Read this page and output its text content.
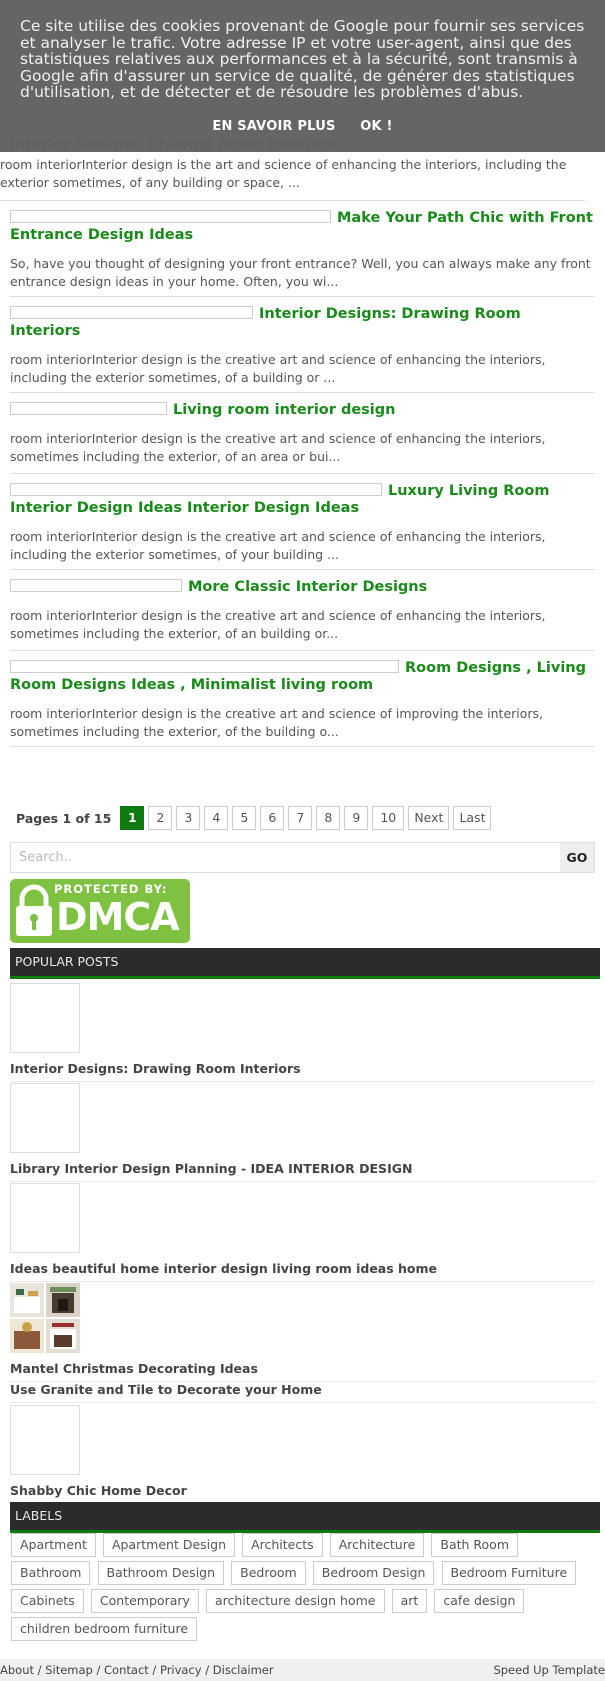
Ce site utilise des cookies provenant de Google pour fournir ses services et analyser le trafic. Votre adresse IP et votre user-agent, ainsi que des statistiques relatives aux performances et à la sécurité, sont transmis à Google afin d'assurer un service de qualité, de générer des statistiques d'utilisation, et de détecter et de résoudre les problèmes d'abus.
EN SAVOIR PLUS OK !
room interiorInterior design is the art and science of enhancing the interiors, including the exterior sometimes, of any building or space, ...
Make Your Path Chic with Front Entrance Design Ideas
So, have you thought of designing your front entrance? Well, you can always make any front entrance design ideas in your home. Often, you wi...
Interior Designs: Drawing Room Interiors
room interiorInterior design is the creative art and science of enhancing the interiors, including the exterior sometimes, of a building or ...
Living room interior design
room interiorInterior design is the creative art and science of enhancing the interiors, sometimes including the exterior, of an area or bui...
Luxury Living Room Interior Design Ideas Interior Design Ideas
room interiorInterior design is the creative art and science of enhancing the interiors, including the exterior sometimes, of your building ...
More Classic Interior Designs
room interiorInterior design is the creative art and science of enhancing the interiors, sometimes including the exterior, of an building or...
Room Designs , Living Room Designs Ideas , Minimalist living room
room interiorInterior design is the creative art and science of improving the interiors, sometimes including the exterior, of the building o...
Pages 1 of 15 1 2 3 4 5 6 7 8 9 10 Next Last
Search..
GO
PROTECTED BY:
DMCA
POPULAR POSTS
Interior Designs: Drawing Room Interiors
Library Interior Design Planning - IDEA INTERIOR DESIGN
Ideas beautiful home interior design living room ideas home
Mantel Christmas Decorating Ideas
Use Granite and Tile to Decorate your Home
Shabby Chic Home Decor
LABELS
Apartment Apartment Design Architects Architecture Bath Room Bathroom Bathroom Design Bedroom Bedroom Design Bedroom Furniture Cabinets Contemporary architecture design home art cafe design children bedroom furniture
About / Sitemap / Contact / Privacy / Disclaimer	Speed Up Template
